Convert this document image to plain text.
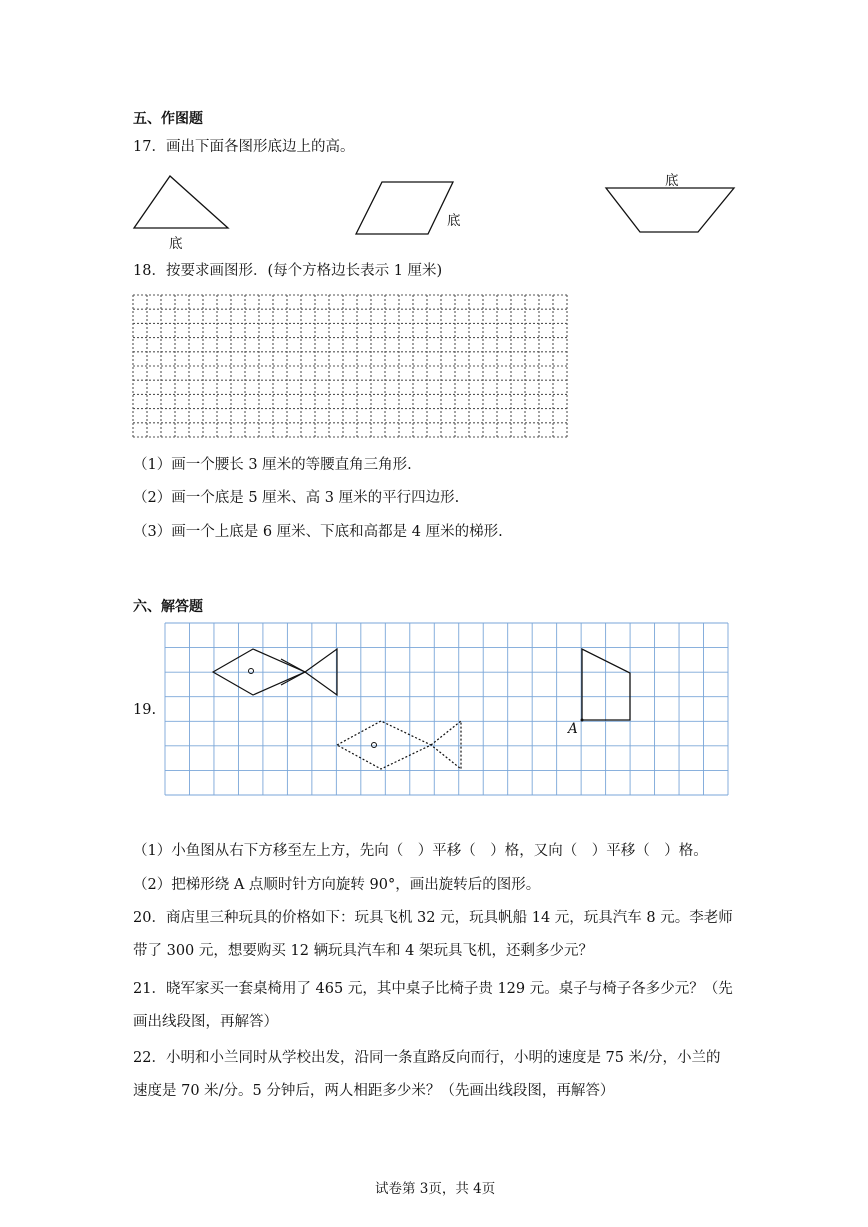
五、作图题
17．画出下面各图形底边上的高。
底
底
底
18．按要求画图形．(每个方格边长表示 1 厘米)
（1）画一个腰长 3 厘米的等腰直角三角形.
（2）画一个底是 5 厘米、高 3 厘米的平行四边形.
（3）画一个上底是 6 厘米、下底和高都是 4 厘米的梯形.
六、解答题
19.
A
（1）小鱼图从右下方移至左上方，先向（　）平移（　）格，又向（　）平移（　）格。
（2）把梯形绕 A 点顺时针方向旋转 90°，画出旋转后的图形。
20．商店里三种玩具的价格如下：玩具飞机 32 元，玩具帆船 14 元，玩具汽车 8 元。李老师
带了 300 元，想要购买 12 辆玩具汽车和 4 架玩具飞机，还剩多少元？
21．晓军家买一套桌椅用了 465 元，其中桌子比椅子贵 129 元。桌子与椅子各多少元？（先
画出线段图，再解答）
22．小明和小兰同时从学校出发，沿同一条直路反向而行，小明的速度是 75 米/分，小兰的
速度是 70 米/分。5 分钟后，两人相距多少米？（先画出线段图，再解答）
试卷第 3页，共 4页
